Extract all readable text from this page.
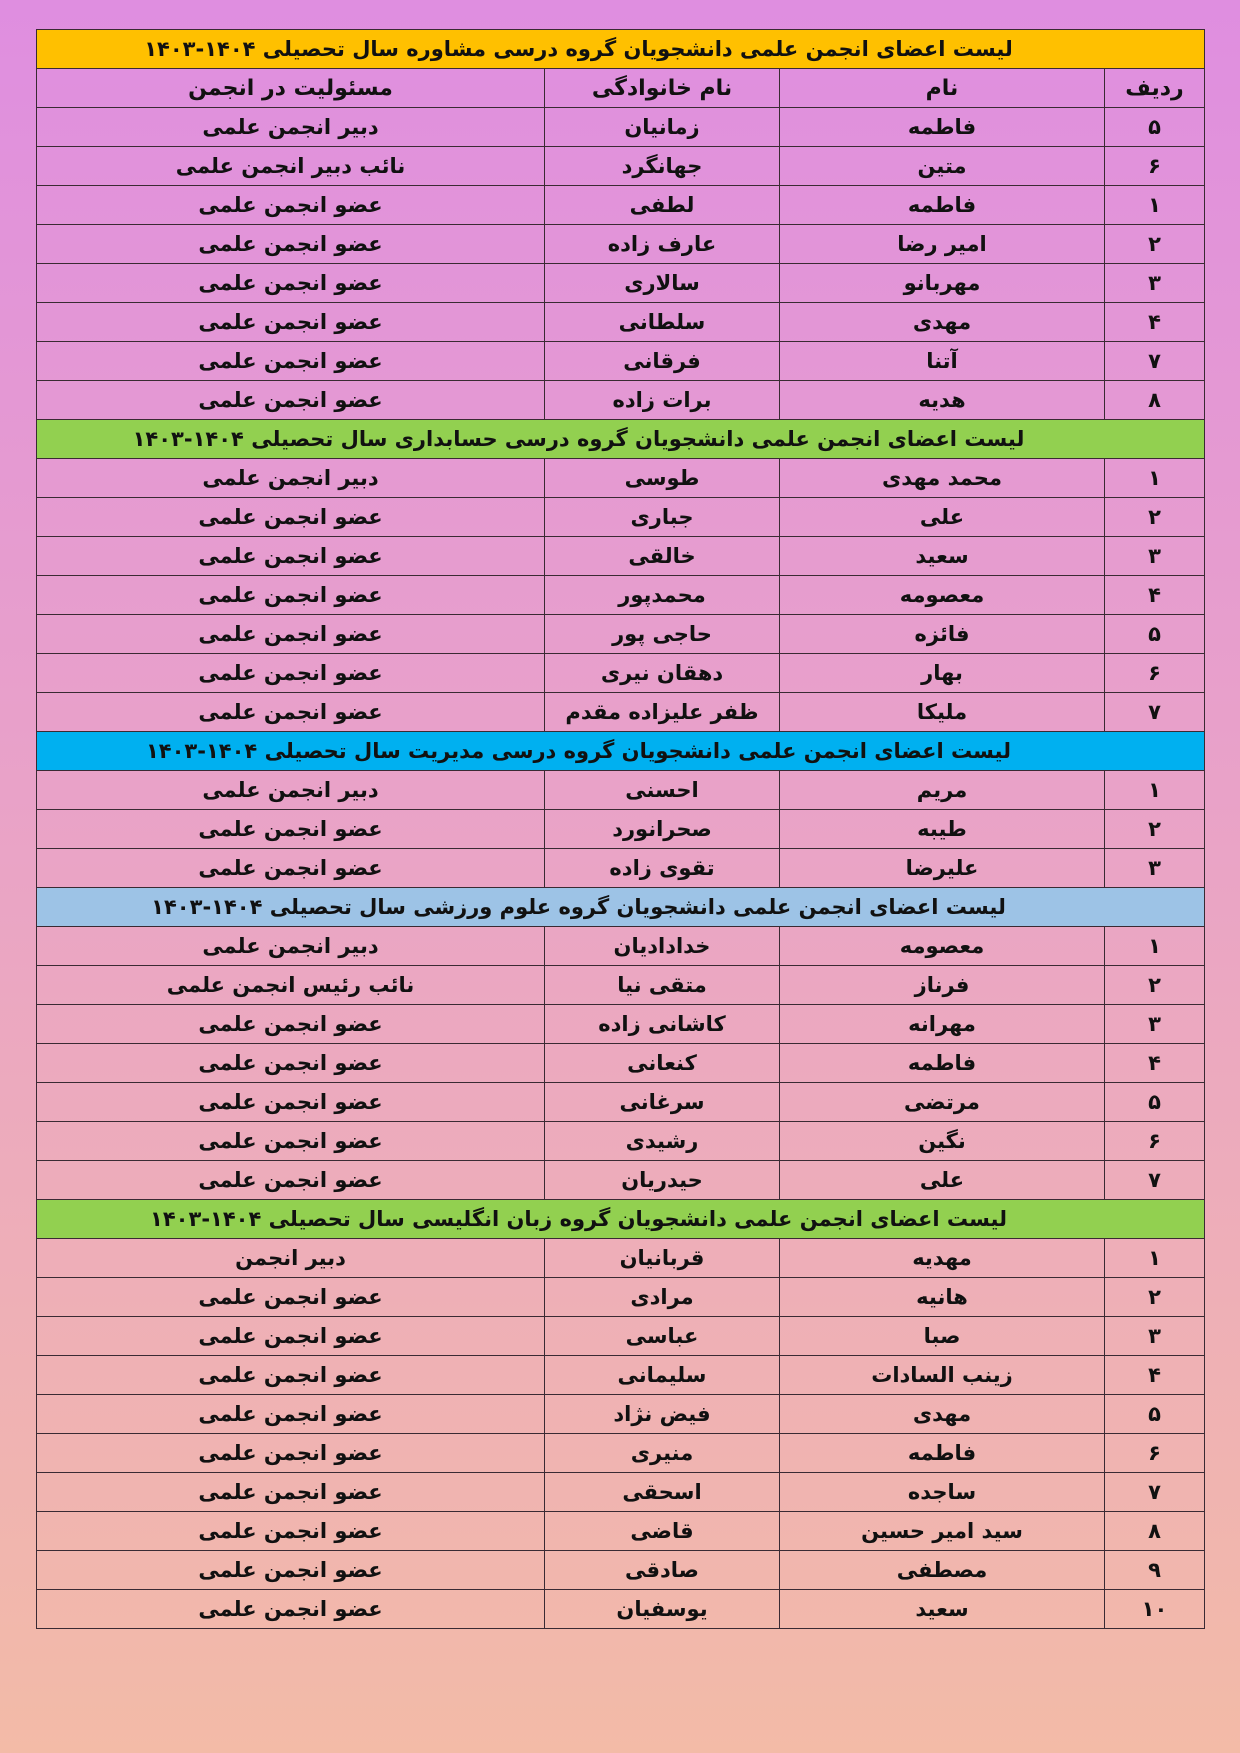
لیست اعضای انجمن علمی دانشجویان گروه درسی مشاوره سال تحصیلی ۱۴۰۴-۱۴۰۳			
ردیف	نام	نام خانوادگی	مسئولیت در انجمن
۵	فاطمه	زمانیان	دبیر انجمن علمی
۶	متین	جهانگرد	نائب دبیر انجمن علمی
۱	فاطمه	لطفی	عضو انجمن علمی
۲	امیر رضا	عارف زاده	عضو انجمن علمی
۳	مهربانو	سالاری	عضو انجمن علمی
۴	مهدی	سلطانی	عضو انجمن علمی
۷	آتنا	فرقانی	عضو انجمن علمی
۸	هدیه	برات زاده	عضو انجمن علمی
لیست اعضای انجمن علمی دانشجویان گروه درسی حسابداری سال تحصیلی ۱۴۰۴-۱۴۰۳			
۱	محمد مهدی	طوسی	دبیر انجمن علمی
۲	علی	جباری	عضو انجمن علمی
۳	سعید	خالقی	عضو انجمن علمی
۴	معصومه	محمدپور	عضو انجمن علمی
۵	فائزه	حاجی پور	عضو انجمن علمی
۶	بهار	دهقان نیری	عضو انجمن علمی
۷	ملیکا	ظفر علیزاده مقدم	عضو انجمن علمی
لیست اعضای انجمن علمی دانشجویان گروه درسی مدیریت سال تحصیلی ۱۴۰۴-۱۴۰۳			
۱	مریم	احسنی	دبیر انجمن علمی
۲	طیبه	صحرانورد	عضو انجمن علمی
۳	علیرضا	تقوی زاده	عضو انجمن علمی
لیست اعضای انجمن علمی دانشجویان گروه علوم ورزشی سال تحصیلی ۱۴۰۴-۱۴۰۳			
۱	معصومه	خدادادیان	دبیر انجمن علمی
۲	فرناز	متقی نیا	نائب رئیس انجمن علمی
۳	مهرانه	کاشانی زاده	عضو انجمن علمی
۴	فاطمه	کنعانی	عضو انجمن علمی
۵	مرتضی	سرغانی	عضو انجمن علمی
۶	نگین	رشیدی	عضو انجمن علمی
۷	علی	حیدریان	عضو انجمن علمی
لیست اعضای انجمن علمی دانشجویان گروه زبان انگلیسی سال تحصیلی ۱۴۰۴-۱۴۰۳			
۱	مهدیه	قربانیان	دبیر انجمن
۲	هانیه	مرادی	عضو انجمن علمی
۳	صبا	عباسی	عضو انجمن علمی
۴	زینب السادات	سلیمانی	عضو انجمن علمی
۵	مهدی	فیض نژاد	عضو انجمن علمی
۶	فاطمه	منیری	عضو انجمن علمی
۷	ساجده	اسحقی	عضو انجمن علمی
۸	سید امیر حسین	قاضی	عضو انجمن علمی
۹	مصطفی	صادقی	عضو انجمن علمی
۱۰	سعید	یوسفیان	عضو انجمن علمی
